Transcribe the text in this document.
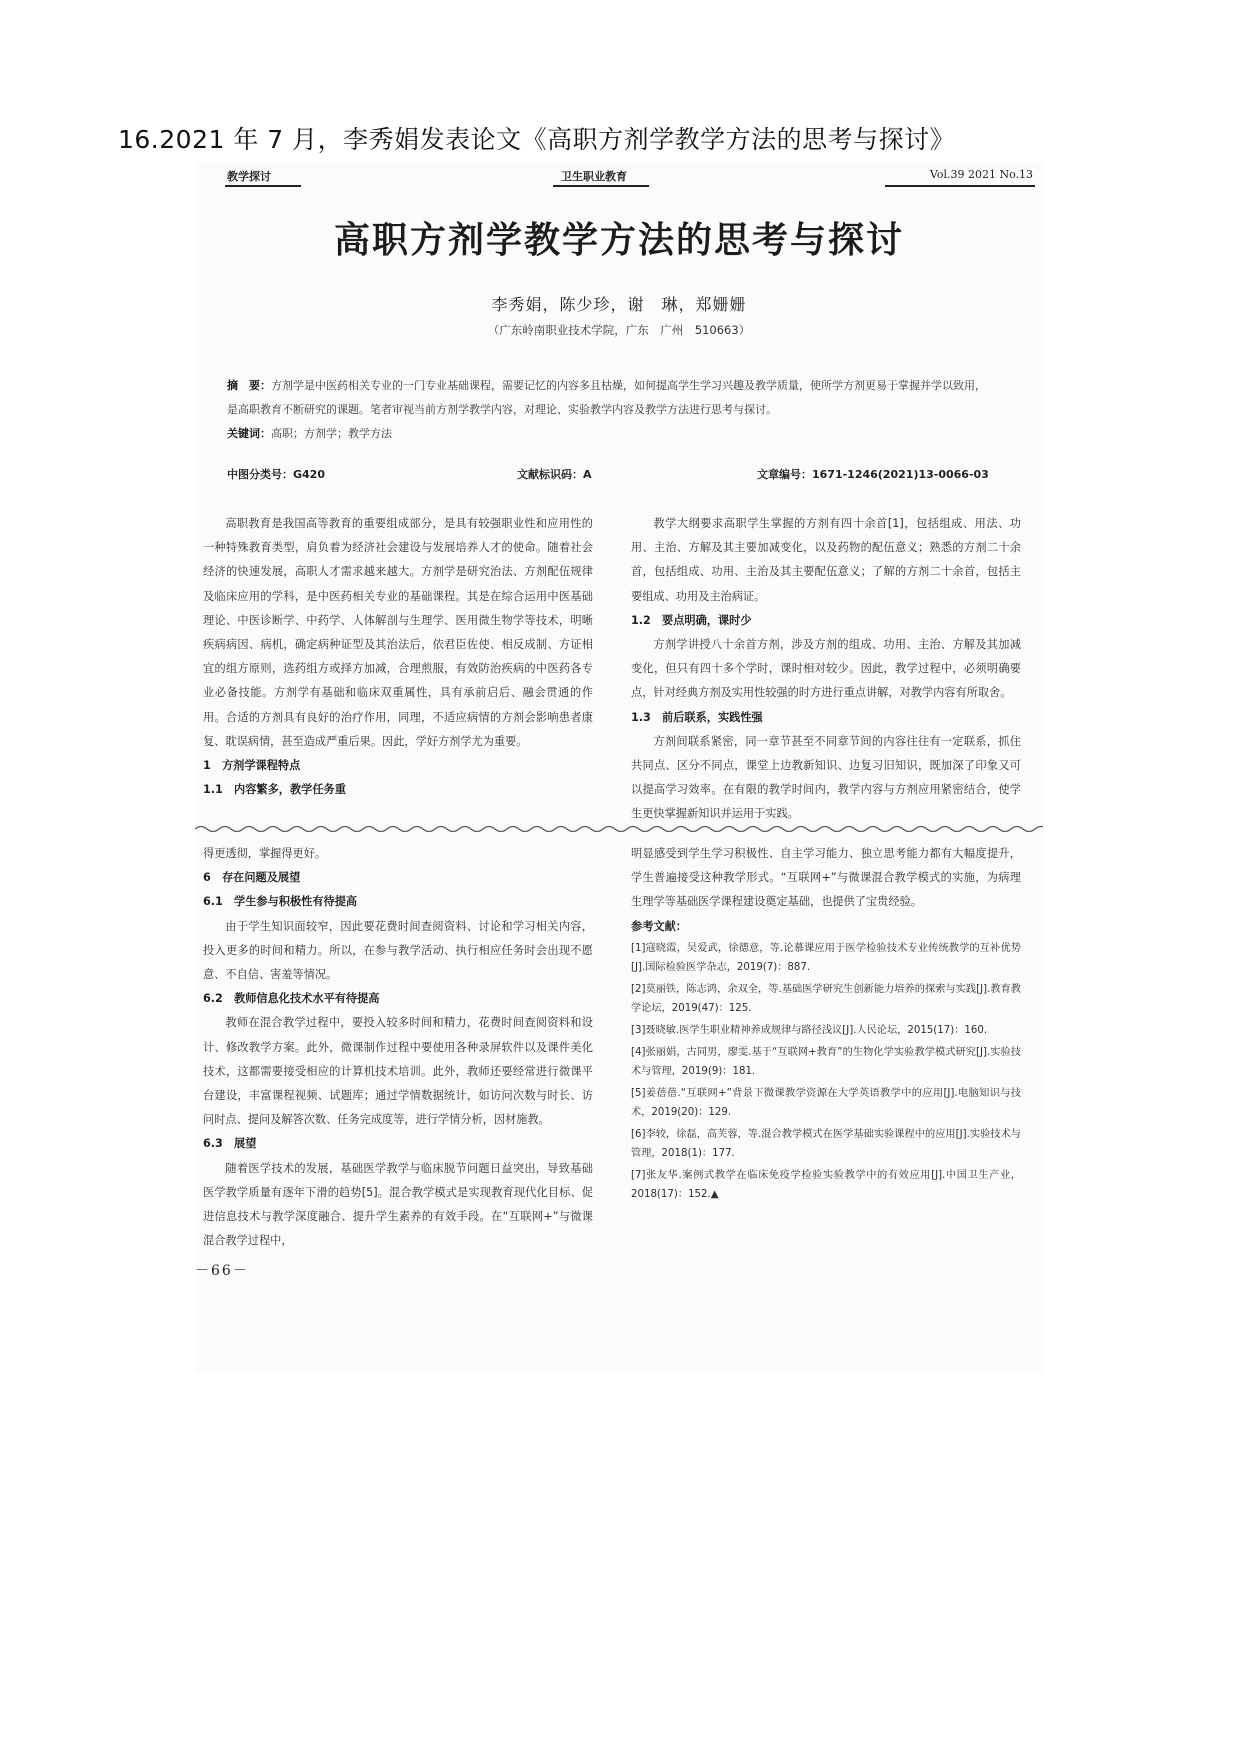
16.2021 年 7 月，李秀娟发表论文《高职方剂学教学方法的思考与探讨》
教学探讨	卫生职业教育	Vol.39 2021 No.13
高职方剂学教学方法的思考与探讨
李秀娟，陈少珍，谢　琳，郑姗姗
（广东岭南职业技术学院，广东　广州　510663）
摘　要：方剂学是中医药相关专业的一门专业基础课程，需要记忆的内容多且枯燥，如何提高学生学习兴趣及教学质量，使所学方剂更易于掌握并学以致用，是高职教育不断研究的课题。笔者审视当前方剂学教学内容，对理论、实验教学内容及教学方法进行思考与探讨。
关键词：高职；方剂学；教学方法
中图分类号：G420	文献标识码：A	文章编号：1671-1246(2021)13-0066-03

高职教育是我国高等教育的重要组成部分，是具有较强职业性和应用性的一种特殊教育类型，肩负着为经济社会建设与发展培养人才的使命。随着社会经济的快速发展，高职人才需求越来越大。方剂学是研究治法、方剂配伍规律及临床应用的学科，是中医药相关专业的基础课程。其是在综合运用中医基础理论、中医诊断学、中药学、人体解剖与生理学、医用微生物学等技术，明晰疾病病因、病机，确定病种证型及其治法后，依君臣佐使、相反成制、方证相宜的组方原则，选药组方或择方加减，合理煎服，有效防治疾病的中医药各专业必备技能。方剂学有基础和临床双重属性，具有承前启后、融会贯通的作用。合适的方剂具有良好的治疗作用，同理，不适应病情的方剂会影响患者康复、耽误病情，甚至造成严重后果。因此，学好方剂学尤为重要。

1　方剂学课程特点

1.1　内容繁多，教学任务重

教学大纲要求高职学生掌握的方剂有四十余首[1]，包括组成、用法、功用、主治、方解及其主要加减变化，以及药物的配伍意义；熟悉的方剂二十余首，包括组成、功用、主治及其主要配伍意义；了解的方剂二十余首，包括主要组成、功用及主治病证。

1.2　要点明确，课时少

方剂学讲授八十余首方剂，涉及方剂的组成、功用、主治、方解及其加减变化，但只有四十多个学时，课时相对较少。因此，教学过程中，必须明确要点，针对经典方剂及实用性较强的时方进行重点讲解，对教学内容有所取舍。

1.3　前后联系，实践性强

方剂间联系紧密，同一章节甚至不同章节间的内容往往有一定联系，抓住共同点、区分不同点，课堂上边教新知识、边复习旧知识，既加深了印象又可以提高学习效率。在有限的教学时间内，教学内容与方剂应用紧密结合，使学生更快掌握新知识并运用于实践。

得更透彻，掌握得更好。

6　存在问题及展望

6.1　学生参与积极性有待提高

由于学生知识面较窄，因此要花费时间查阅资料、讨论和学习相关内容，投入更多的时间和精力。所以，在参与教学活动、执行相应任务时会出现不愿意、不自信、害羞等情况。

6.2　教师信息化技术水平有待提高

教师在混合教学过程中，要投入较多时间和精力，花费时间查阅资料和设计、修改教学方案。此外，微课制作过程中要使用各种录屏软件以及课件美化技术，这都需要接受相应的计算机技术培训。此外，教师还要经常进行微课平台建设，丰富课程视频、试题库；通过学情数据统计，如访问次数与时长、访问时点、提问及解答次数、任务完成度等，进行学情分析，因材施教。

6.3　展望

随着医学技术的发展，基础医学教学与临床脱节问题日益突出，导致基础医学教学质量有逐年下滑的趋势[5]。混合教学模式是实现教育现代化目标、促进信息技术与教学深度融合、提升学生素养的有效手段。在“互联网+”与微课混合教学过程中，

明显感受到学生学习积极性、自主学习能力、独立思考能力都有大幅度提升，学生普遍接受这种教学形式。“互联网+”与微课混合教学模式的实施，为病理生理学等基础医学课程建设奠定基础，也提供了宝贵经验。

参考文献：

[1]寇晓霞，吴爱武，徐德意，等.论慕课应用于医学检验技术专业传统教学的互补优势[J].国际检验医学杂志，2019(7)：887.

[2]莫丽铁，陈志鸿，余双全，等.基础医学研究生创新能力培养的探索与实践[J].教育教学论坛，2019(47)：125.

[3]聂晓敏.医学生职业精神养成规律与路径浅议[J].人民论坛，2015(17)：160.

[4]张丽娟，古同男，廖雯.基于“互联网+教育”的生物化学实验教学模式研究[J].实验技术与管理，2019(9)：181.

[5]姜蓓蓓.“互联网+”背景下微课教学资源在大学英语教学中的应用[J].电脑知识与技术，2019(20)：129.

[6]李较，徐磊，高芙蓉，等.混合教学模式在医学基础实验课程中的应用[J].实验技术与管理，2018(1)：177.

[7]张友华.案例式教学在临床免疫学检验实验教学中的有效应用[J].中国卫生产业，2018(17)：152.▲

－66－
